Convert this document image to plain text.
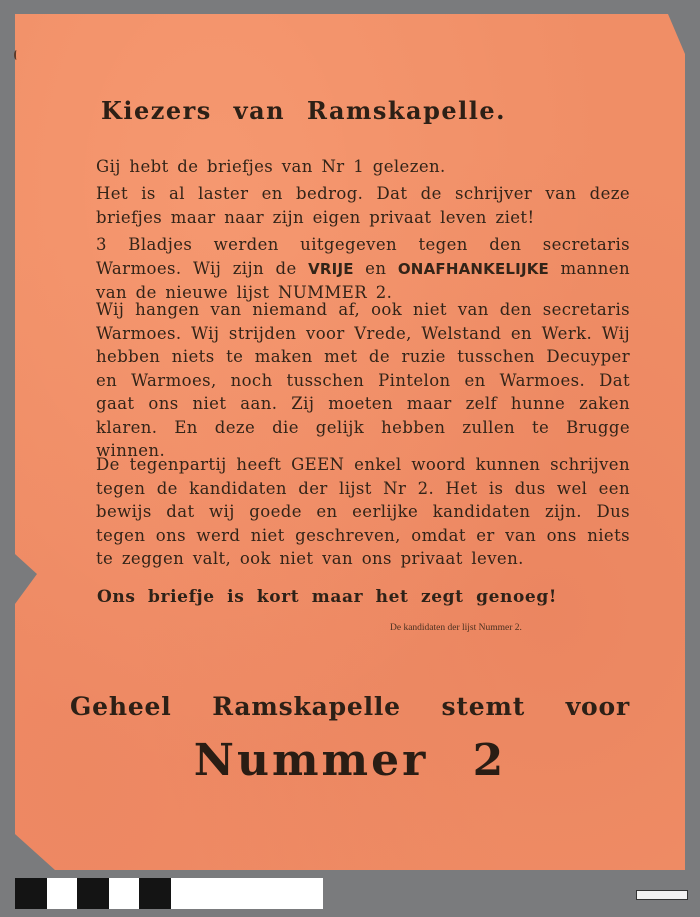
Kiezers van Ramskapelle.
Gij hebt de briefjes van Nr 1 gelezen.
Het is al laster en bedrog. Dat de schrijver van deze briefjes maar naar zijn eigen privaat leven ziet!
3 Bladjes werden uitgegeven tegen den secretaris Warmoes. Wij zijn de VRIJE en ONAFHANKELIJKE mannen van de nieuwe lijst NUMMER 2.
Wij hangen van niemand af, ook niet van den secretaris Warmoes. Wij strijden voor Vrede, Welstand en Werk. Wij hebben niets te maken met de ruzie tusschen Decuyper en Warmoes, noch tusschen Pintelon en Warmoes. Dat gaat ons niet aan. Zij moeten maar zelf hunne zaken klaren. En deze die gelijk hebben zullen te Brugge winnen.
De tegenpartij heeft GEEN enkel woord kunnen schrijven tegen de kandidaten der lijst Nr 2. Het is dus wel een bewijs dat wij goede en eerlijke kandidaten zijn. Dus tegen ons werd niet geschreven, omdat er van ons niets te zeggen valt, ook niet van ons privaat leven.
Ons briefje is kort maar het zegt genoeg!
De kandidaten der lijst Nummer 2.
Geheel Ramskapelle stemt voor
Nummer 2
